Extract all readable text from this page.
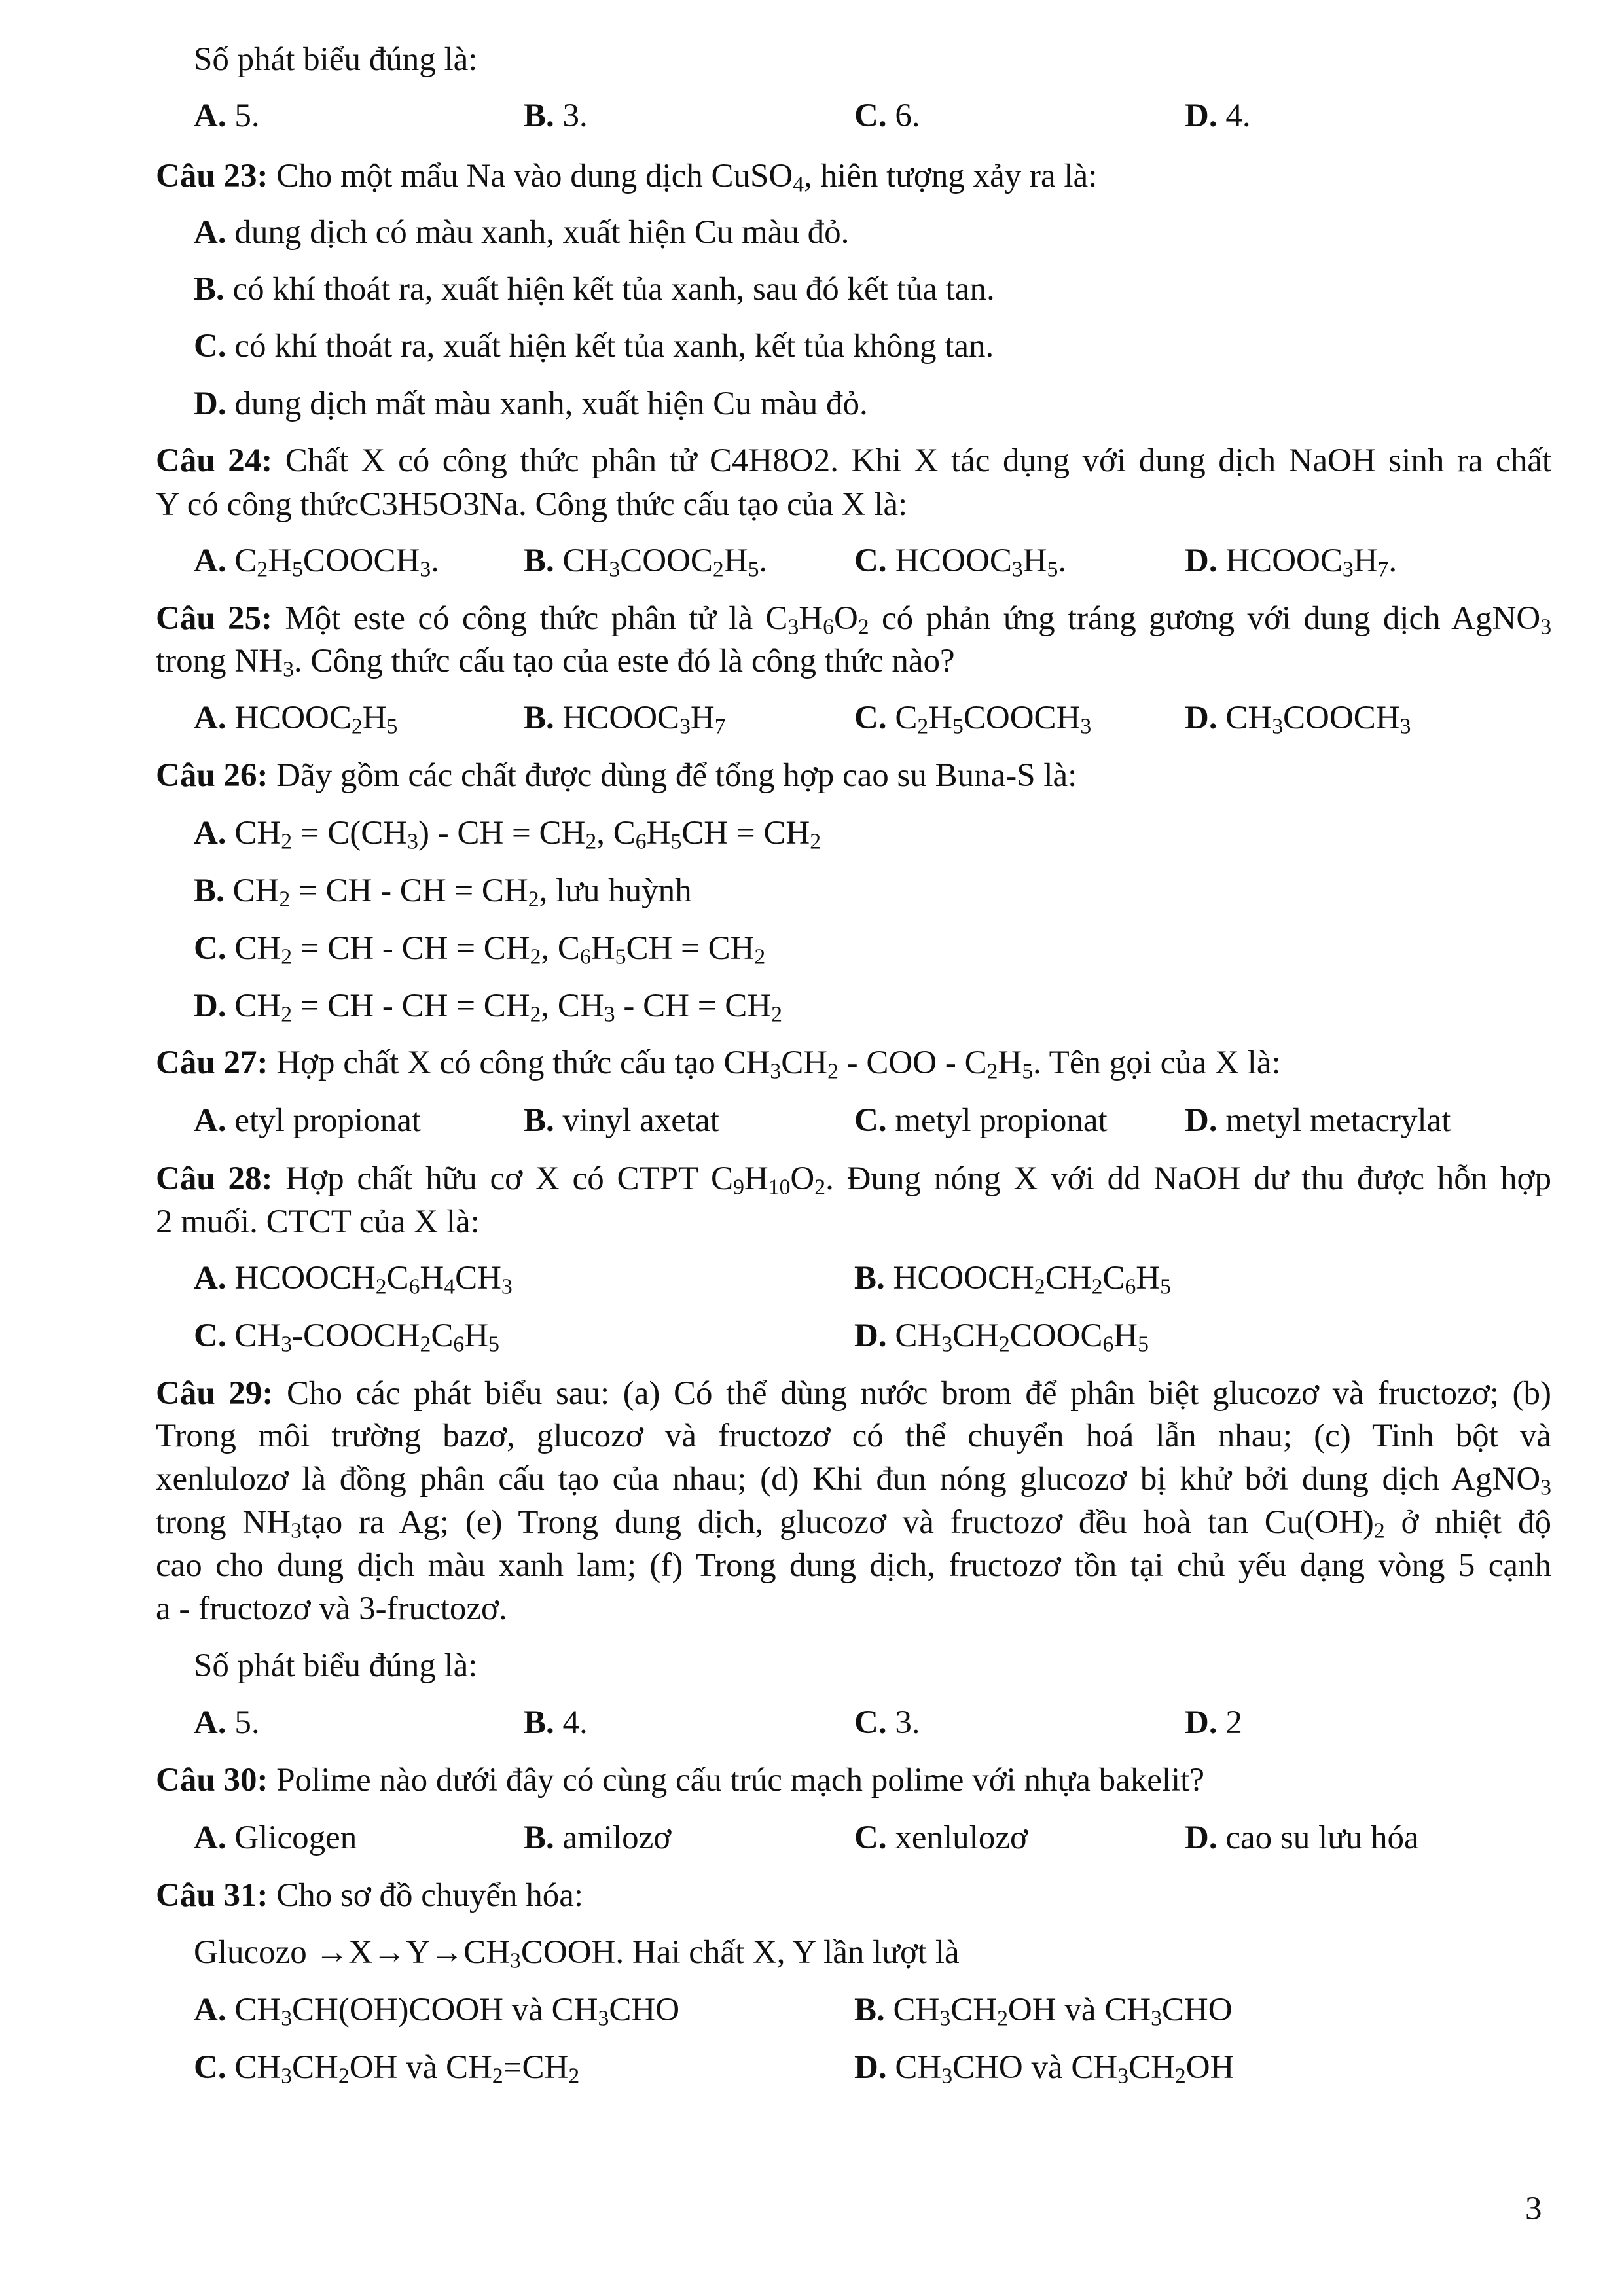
Số phát biểu đúng là:
A. 5.	B. 3.	C. 6.	D. 4.
Câu 23: Cho một mẩu Na vào dung dịch CuSO$_4$, hiên tượng xảy ra là:
A. dung dịch có màu xanh, xuất hiện Cu màu đỏ.
B. có khí thoát ra, xuất hiện kết tủa xanh, sau đó kết tủa tan.
C. có khí thoát ra, xuất hiện kết tủa xanh, kết tủa không tan.
D. dung dịch mất màu xanh, xuất hiện Cu màu đỏ.
Câu 24: Chất X có công thức phân tử C4H8O2. Khi X tác dụng với dung dịch NaOH sinh ra chất
Y có công thứcC3H5O3Na. Công thức cấu tạo của X là:
A. $C_2H_5COOCH_3$.	B. $CH_3COOC_2H_5$.	C. $HCOOC_3H_5$.	D. $HCOOC_3H_7$.
Câu 25: Một este có công thức phân tử là $C_3H_6O_2$ có phản ứng tráng gương với dung dịch AgNO$_3$
trong $NH_3$. Công thức cấu tạo của este đó là công thức nào?
A. $HCOOC_2H_5$	B. $HCOOC_3H_7$	C. $C_2H_5COOCH_3$	D. $CH_3COOCH_3$
Câu 26: Dãy gồm các chất được dùng để tổng hợp cao su Buna-S là:
A. $CH_2 = C(CH_3)$ - CH = $CH_2$, $C_6H_5CH = CH_2$
B. $CH_2$ = CH - CH = $CH_2$, lưu huỳnh
C. $CH_2$ = CH - CH = $CH_2$, $C_6H_5CH = CH_2$
D. $CH_2$ = CH - CH = $CH_2$, $CH_3$ - CH = $CH_2$
Câu 27: Hợp chất X có công thức cấu tạo $CH_3CH_2$ - COO - $C_2H_5$. Tên gọi của X là:
A. etyl propionat	B. vinyl axetat	C. metyl propionat D. metyl metacrylat
Câu 28: Hợp chất hữu cơ X có CTPT $C_9H_{10}O_2$. Đung nóng X với dd NaOH dư thu được hỗn hợp
2 muối. CTCT của X là:
A. $HCOOCH_2C_6H_4CH_3$	B. $HCOOCH_2CH_2C_6H_5$
C. $CH_3-COOCH_2C_6H_5$	D. $CH_3CH_2COOC_6H_5$
Câu 29: Cho các phát biểu sau: (a) Có thể dùng nước brom để phân biệt glucozơ và fructozơ; (b)
Trong môi trường bazơ, glucozơ và fructozơ có thể chuyển hoá lẫn nhau; (c) Tinh bột và
xenlulozơ là đồng phân cấu tạo của nhau; (d) Khi đun nóng glucozơ bị khử bởi dung dịch AgNO$_3$
trong $NH_3tạo$ ra Ag; (e) Trong dung dịch, glucozơ và fructozơ đều hoà $\tan Cu(OH)_2$ ở nhiệt độ
cao cho dung dịch màu xanh lam; (f) Trong dung dịch, fructozơ tồn tại chủ yếu dạng vòng 5 cạnh
a - fructozơ và 3-fructozơ.
Số phát biểu đúng là:
A. 5.	B. 4.	C. 3.	D. 2
Câu 30: Polime nào dưới đây có cùng cấu trúc mạch polime với nhựa bakelit?
A. Glicogen	B. amilozơ	C. xenlulozơ	D. cao su lưu hóa
Câu 31: Cho sơ đồ chuyển hóa:
Glucozo $\to X\to Y\to CH_3COOH$. Hai chất X, Y lần lượt là
A. $CH_3CH(OH)COOH$ và $CH_3CHO$	B. $CH_3CH_2OH$ và $CH_3CHO$
C. $CH_3CH_2OH$ và $CH_2=CH_2$	D. $CH_3CHO$ và $CH_3CH_2OH$
3
